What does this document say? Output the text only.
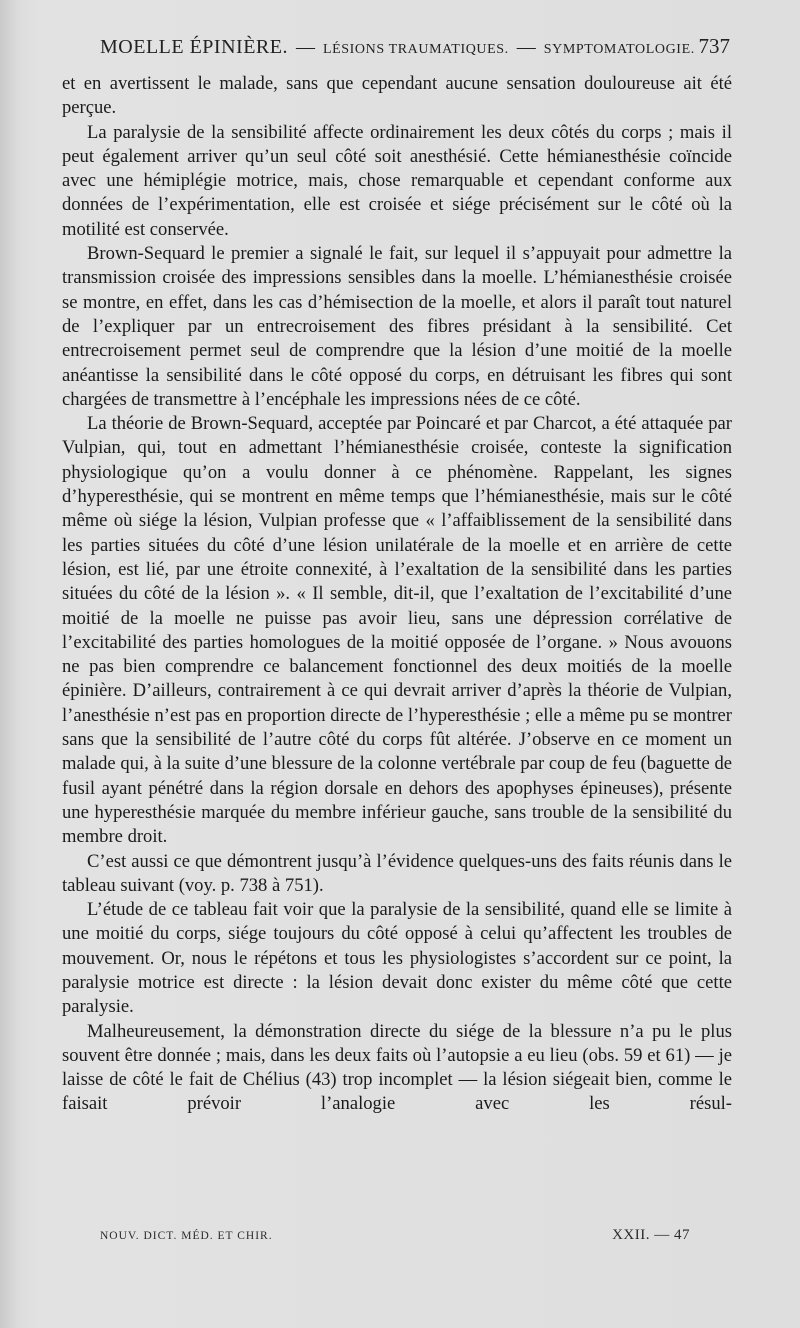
MOELLE ÉPINIÈRE. — LÉSIONS TRAUMATIQUES. — SYMPTOMATOLOGIE. 737

et en avertissent le malade, sans que cependant aucune sensation douloureuse ait été perçue.

La paralysie de la sensibilité affecte ordinairement les deux côtés du corps ; mais il peut également arriver qu’un seul côté soit anesthésié. Cette hémianesthésie coïncide avec une hémiplégie motrice, mais, chose remarquable et cependant conforme aux données de l’expérimentation, elle est croisée et siége précisément sur le côté où la motilité est conservée.

Brown-Sequard le premier a signalé le fait, sur lequel il s’appuyait pour admettre la transmission croisée des impressions sensibles dans la moelle. L’hémianesthésie croisée se montre, en effet, dans les cas d’hémisection de la moelle, et alors il paraît tout naturel de l’expliquer par un entrecroisement des fibres présidant à la sensibilité. Cet entrecroisement permet seul de comprendre que la lésion d’une moitié de la moelle anéantisse la sensibilité dans le côté opposé du corps, en détruisant les fibres qui sont chargées de transmettre à l’encéphale les impressions nées de ce côté.

La théorie de Brown-Sequard, acceptée par Poincaré et par Charcot, a été attaquée par Vulpian, qui, tout en admettant l’hémianesthésie croisée, conteste la signification physiologique qu’on a voulu donner à ce phénomène. Rappelant, les signes d’hyperesthésie, qui se montrent en même temps que l’hémianesthésie, mais sur le côté même où siége la lésion, Vulpian professe que « l’affaiblissement de la sensibilité dans les parties situées du côté d’une lésion unilatérale de la moelle et en arrière de cette lésion, est lié, par une étroite connexité, à l’exaltation de la sensibilité dans les parties situées du côté de la lésion ». « Il semble, dit-il, que l’exaltation de l’excitabilité d’une moitié de la moelle ne puisse pas avoir lieu, sans une dépression corrélative de l’excitabilité des parties homologues de la moitié opposée de l’organe. » Nous avouons ne pas bien comprendre ce balancement fonctionnel des deux moitiés de la moelle épinière. D’ailleurs, contrairement à ce qui devrait arriver d’après la théorie de Vulpian, l’anesthésie n’est pas en proportion directe de l’hyperesthésie ; elle a même pu se montrer sans que la sensibilité de l’autre côté du corps fût altérée. J’observe en ce moment un malade qui, à la suite d’une blessure de la colonne vertébrale par coup de feu (baguette de fusil ayant pénétré dans la région dorsale en dehors des apophyses épineuses), présente une hyperesthésie marquée du membre inférieur gauche, sans trouble de la sensibilité du membre droit.

C’est aussi ce que démontrent jusqu’à l’évidence quelques-uns des faits réunis dans le tableau suivant (voy. p. 738 à 751).

L’étude de ce tableau fait voir que la paralysie de la sensibilité, quand elle se limite à une moitié du corps, siége toujours du côté opposé à celui qu’affectent les troubles de mouvement. Or, nous le répétons et tous les physiologistes s’accordent sur ce point, la paralysie motrice est directe : la lésion devait donc exister du même côté que cette paralysie.

Malheureusement, la démonstration directe du siége de la blessure n’a pu le plus souvent être donnée ; mais, dans les deux faits où l’autopsie a eu lieu (obs. 59 et 61) — je laisse de côté le fait de Chélius (43) trop incomplet — la lésion siégeait bien, comme le faisait prévoir l’analogie avec les résul-

NOUV. DICT. MÉD. ET CHIR.	XXII. — 47
